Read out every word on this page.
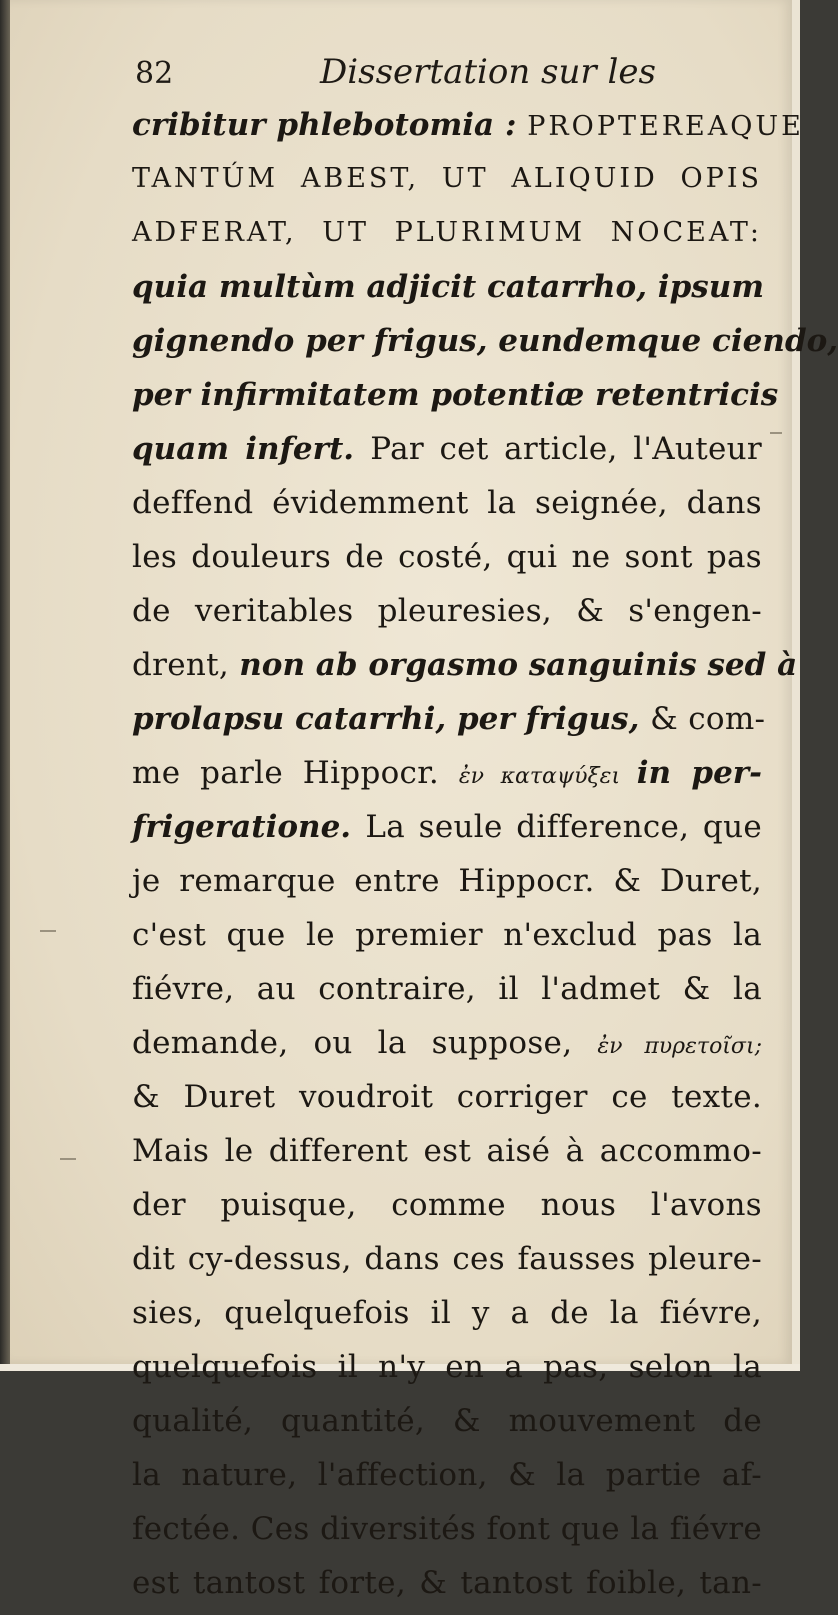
82	Dissertation sur les
cribitur phlebotomia : PROPTEREAQUE
TANTÚM ABEST, UT ALIQUID OPIS
ADFERAT, UT PLURIMUM NOCEAT:
quia multùm adjicit catarrho, ipsum
gignendo per frigus, eundemque ciendo,
per infirmitatem potentiæ retentricis
quam infert. Par cet article, l'Auteur
deffend évidemment la seignée, dans
les douleurs de costé, qui ne sont pas
de veritables pleuresies, & s'engen-
drent, non ab orgasmo sanguinis sed à
prolapsu catarrhi, per frigus, & com-
me parle Hippocr. ἐν καταψύξει in per-
frigeratione. La seule difference, que
je remarque entre Hippocr. & Duret,
c'est que le premier n'exclud pas la
fiévre, au contraire, il l'admet & la
demande, ou la suppose, ἐν πυρετοῖσι;
& Duret voudroit corriger ce texte.
Mais le different est aisé à accommo-
der puisque, comme nous l'avons
dit cy-dessus, dans ces fausses pleure-
sies, quelquefois il y a de la fiévre,
quelquefois il n'y en a pas, selon la
qualité, quantité, & mouvement de
la nature, l'affection, & la partie af-
fectée. Ces diversités font que la fiévre
est tantost forte, & tantost foible, tan-
